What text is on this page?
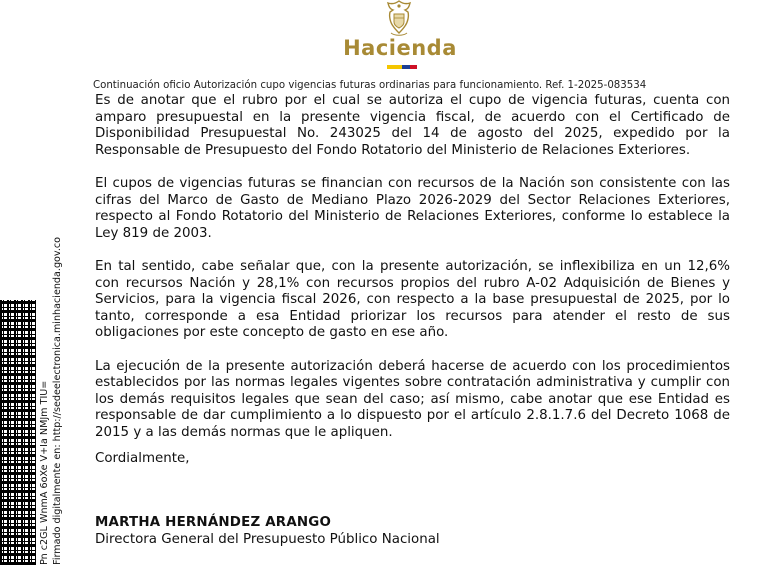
Hacienda
Continuación oficio Autorización cupo vigencias futuras ordinarias para funcionamiento. Ref. 1-2025-083534

Es de anotar que el rubro por el cual se autoriza el cupo de vigencia futuras, cuenta con amparo presupuestal en la presente vigencia fiscal, de acuerdo con el Certificado de Disponibilidad Presupuestal No. 243025 del 14 de agosto del 2025, expedido por la Responsable de Presupuesto del Fondo Rotatorio del Ministerio de Relaciones Exteriores.

El cupos de vigencias futuras se financian con recursos de la Nación son consistente con las cifras del Marco de Gasto de Mediano Plazo 2026-2029 del Sector Relaciones Exteriores, respecto al Fondo Rotatorio del Ministerio de Relaciones Exteriores, conforme lo establece la Ley 819 de 2003.

En tal sentido, cabe señalar que, con la presente autorización, se inflexibiliza en un 12,6% con recursos Nación y 28,1% con recursos propios del rubro A-02 Adquisición de Bienes y Servicios, para la vigencia fiscal 2026, con respecto a la base presupuestal de 2025, por lo tanto, corresponde a esa Entidad priorizar los recursos para atender el resto de sus obligaciones por este concepto de gasto en ese año.

La ejecución de la presente autorización deberá hacerse de acuerdo con los procedimientos establecidos por las normas legales vigentes sobre contratación administrativa y cumplir con los demás requisitos legales que sean del caso; así mismo, cabe anotar que ese Entidad es responsable de dar cumplimiento a lo dispuesto por el artículo 2.8.1.7.6 del Decreto 1068 de 2015 y a las demás normas que le apliquen.

Cordialmente,
MARTHA HERNÁNDEZ ARANGO
Directora General del Presupuesto Público Nacional
Pn c2GL WnmA 6oXe V+Ia NMJm TIU= Firmado digitalmente en: http://sedeelectronica.minhacienda.gov.co
